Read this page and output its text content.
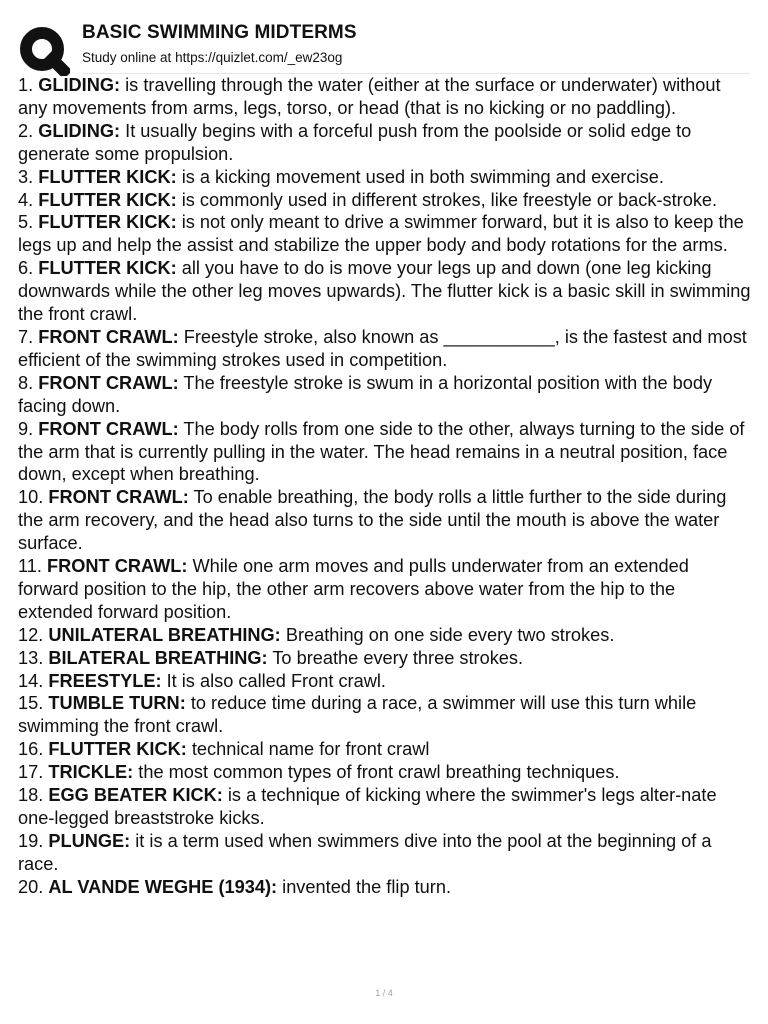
BASIC SWIMMING MIDTERMS
Study online at https://quizlet.com/_ew23og

1. GLIDING: is travelling through the water (either at the surface or underwater) without any movements from arms, legs, torso, or head (that is no kicking or no paddling).

2. GLIDING: It usually begins with a forceful push from the poolside or solid edge to generate some propulsion.

3. FLUTTER KICK: is a kicking movement used in both swimming and exercise.

4. FLUTTER KICK: is commonly used in different strokes, like freestyle or back-stroke.

5. FLUTTER KICK: is not only meant to drive a swimmer forward, but it is also to keep the legs up and help the assist and stabilize the upper body and body rotations for the arms.

6. FLUTTER KICK: all you have to do is move your legs up and down (one leg kicking downwards while the other leg moves upwards). The flutter kick is a basic skill in swimming the front crawl.

7. FRONT CRAWL: Freestyle stroke, also known as ___________, is the fastest and most efficient of the swimming strokes used in competition.

8. FRONT CRAWL: The freestyle stroke is swum in a horizontal position with the body facing down.

9. FRONT CRAWL: The body rolls from one side to the other, always turning to the side of the arm that is currently pulling in the water. The head remains in a neutral position, face down, except when breathing.

10. FRONT CRAWL: To enable breathing, the body rolls a little further to the side during the arm recovery, and the head also turns to the side until the mouth is above the water surface.

11. FRONT CRAWL: While one arm moves and pulls underwater from an extended forward position to the hip, the other arm recovers above water from the hip to the extended forward position.

12. UNILATERAL BREATHING: Breathing on one side every two strokes.

13. BILATERAL BREATHING: To breathe every three strokes.

14. FREESTYLE: It is also called Front crawl.

15. TUMBLE TURN: to reduce time during a race, a swimmer will use this turn while swimming the front crawl.

16. FLUTTER KICK: technical name for front crawl

17. TRICKLE: the most common types of front crawl breathing techniques.

18. EGG BEATER KICK: is a technique of kicking where the swimmer's legs alter-nate one-legged breaststroke kicks.

19. PLUNGE: it is a term used when swimmers dive into the pool at the beginning of a race.

20. AL VANDE WEGHE (1934): invented the flip turn.

1 / 4
